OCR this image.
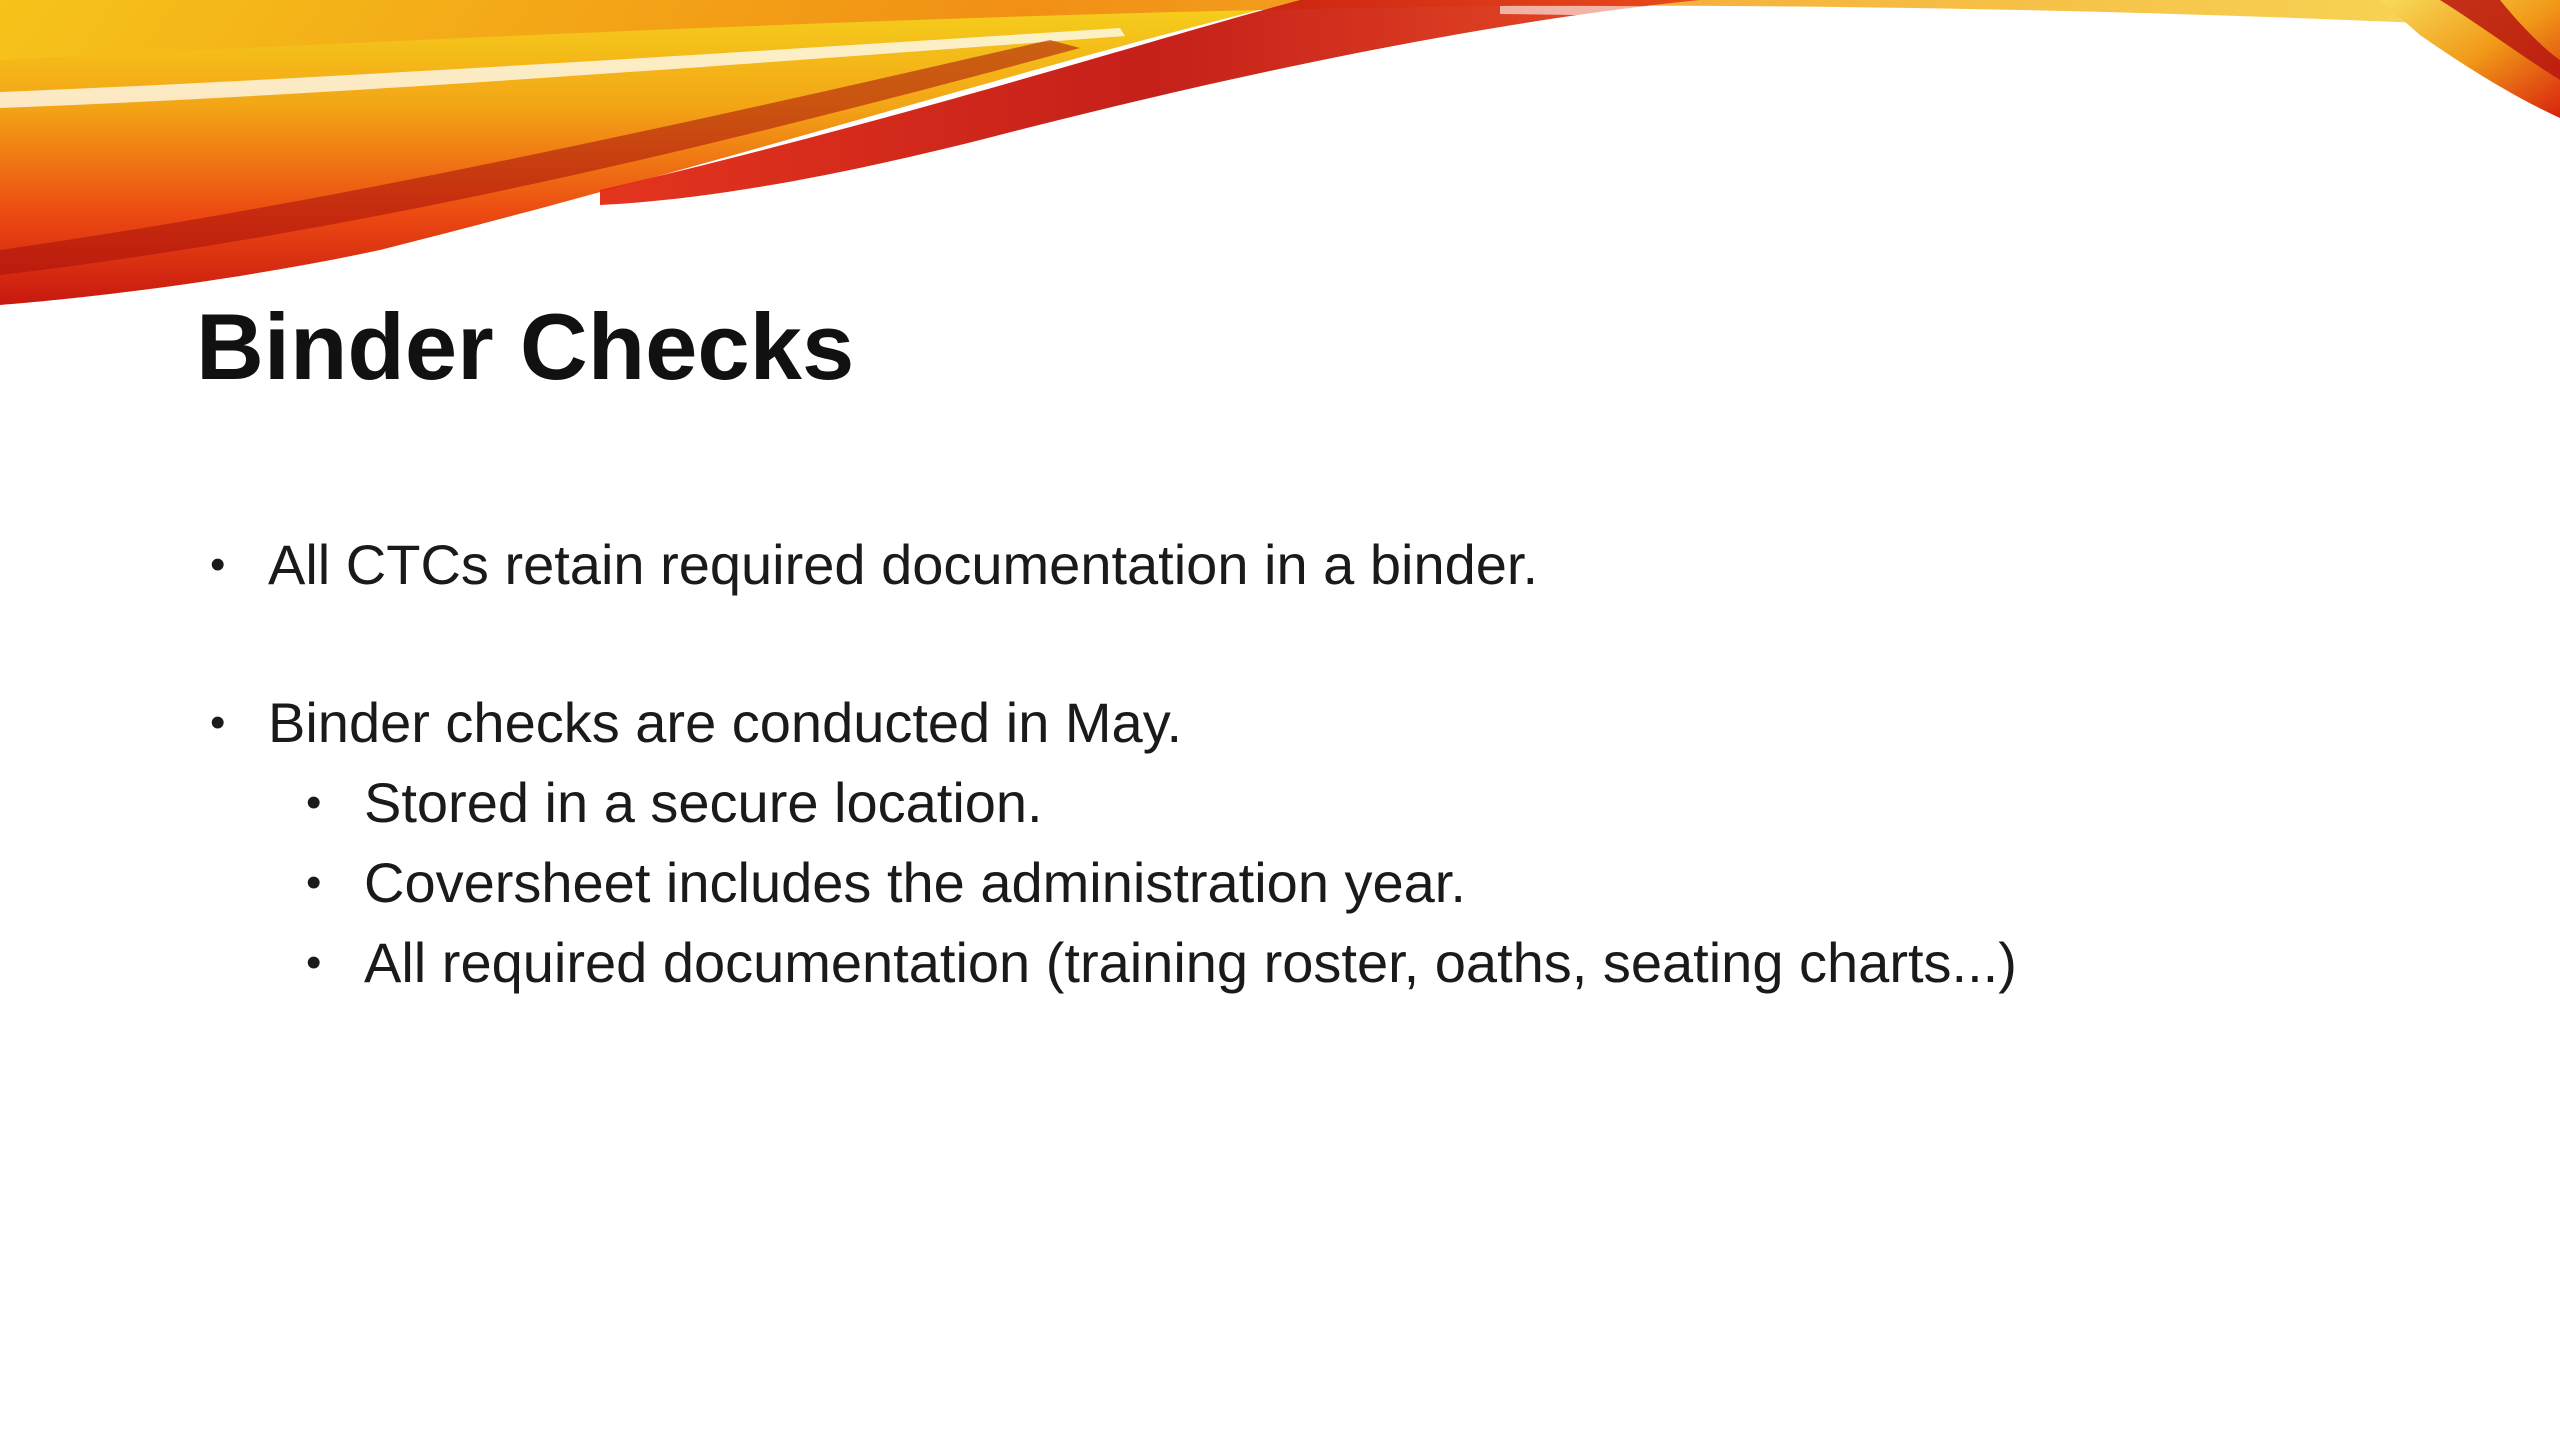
Binder Checks
• All CTCs retain required documentation in a binder.
• Binder checks are conducted in May.
• Stored in a secure location.
• Coversheet includes the administration year.
• All required documentation (training roster, oaths, seating charts...)
